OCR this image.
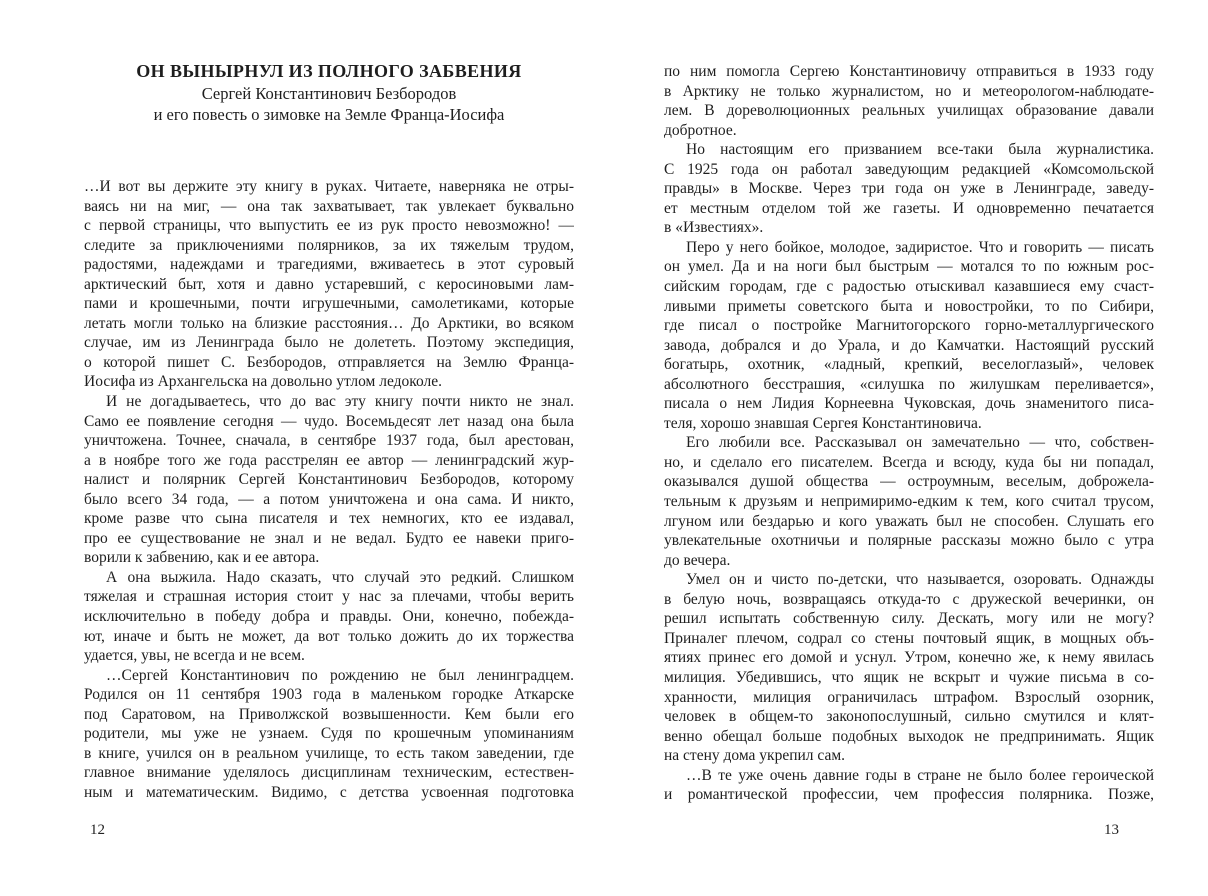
ОН ВЫНЫРНУЛ ИЗ ПОЛНОГО ЗАБВЕНИЯ
Сергей Константинович Безбородов
и его повесть о зимовке на Земле Франца-Иосифа
…И вот вы держите эту книгу в руках. Читаете, наверняка не отры-
ваясь ни на миг, — она так захватывает, так увлекает буквально
с первой страницы, что выпустить ее из рук просто невозможно! —
следите за приключениями полярников, за их тяжелым трудом,
радостями, надеждами и трагедиями, вживаетесь в этот суровый
арктический быт, хотя и давно устаревший, с керосиновыми лам-
пами и крошечными, почти игрушечными, самолетиками, которые
летать могли только на близкие расстояния… До Арктики, во всяком
случае, им из Ленинграда было не долететь. Поэтому экспедиция,
о которой пишет С. Безбородов, отправляется на Землю Франца-
Иосифа из Архангельска на довольно утлом ледоколе.
И не догадываетесь, что до вас эту книгу почти никто не знал.
Само ее появление сегодня — чудо. Восемьдесят лет назад она была
уничтожена. Точнее, сначала, в сентябре 1937 года, был арестован,
а в ноябре того же года расстрелян ее автор — ленинградский жур-
налист и полярник Сергей Константинович Безбородов, которому
было всего 34 года, — а потом уничтожена и она сама. И никто,
кроме разве что сына писателя и тех немногих, кто ее издавал,
про ее существование не знал и не ведал. Будто ее навеки приго-
ворили к забвению, как и ее автора.
А она выжила. Надо сказать, что случай это редкий. Слишком
тяжелая и страшная история стоит у нас за плечами, чтобы верить
исключительно в победу добра и правды. Они, конечно, побежда-
ют, иначе и быть не может, да вот только дожить до их торжества
удается, увы, не всегда и не всем.
…Сергей Константинович по рождению не был ленинградцем.
Родился он 11 сентября 1903 года в маленьком городке Аткарске
под Саратовом, на Приволжской возвышенности. Кем были его
родители, мы уже не узнаем. Судя по крошечным упоминаниям
в книге, учился он в реальном училище, то есть таком заведении, где
главное внимание уделялось дисциплинам техническим, естествен-
ным и математическим. Видимо, с детства усвоенная подготовка
по ним помогла Сергею Константиновичу отправиться в 1933 году
в Арктику не только журналистом, но и метеорологом-наблюдате-
лем. В дореволюционных реальных училищах образование давали
добротное.
Но настоящим его призванием все-таки была журналистика.
С 1925 года он работал заведующим редакцией «Комсомольской
правды» в Москве. Через три года он уже в Ленинграде, заведу-
ет местным отделом той же газеты. И одновременно печатается
в «Известиях».
Перо у него бойкое, молодое, задиристое. Что и говорить — писать
он умел. Да и на ноги был быстрым — мотался то по южным рос-
сийским городам, где с радостью отыскивал казавшиеся ему счаст-
ливыми приметы советского быта и новостройки, то по Сибири,
где писал о постройке Магнитогорского горно-металлургического
завода, добрался и до Урала, и до Камчатки. Настоящий русский
богатырь, охотник, «ладный, крепкий, веселоглазый», человек
абсолютного бесстрашия, «силушка по жилушкам переливается»,
писала о нем Лидия Корнеевна Чуковская, дочь знаменитого писа-
теля, хорошо знавшая Сергея Константиновича.
Его любили все. Рассказывал он замечательно — что, собствен-
но, и сделало его писателем. Всегда и всюду, куда бы ни попадал,
оказывался душой общества — остроумным, веселым, доброжела-
тельным к друзьям и непримиримо-едким к тем, кого считал трусом,
лгуном или бездарью и кого уважать был не способен. Слушать его
увлекательные охотничьи и полярные рассказы можно было с утра
до вечера.
Умел он и чисто по-детски, что называется, озоровать. Однажды
в белую ночь, возвращаясь откуда-то с дружеской вечеринки, он
решил испытать собственную силу. Дескать, могу или не могу?
Приналег плечом, содрал со стены почтовый ящик, в мощных объ-
ятиях принес его домой и уснул. Утром, конечно же, к нему явилась
милиция. Убедившись, что ящик не вскрыт и чужие письма в со-
хранности, милиция ограничилась штрафом. Взрослый озорник,
человек в общем-то законопослушный, сильно смутился и клят-
венно обещал больше подобных выходок не предпринимать. Ящик
на стену дома укрепил сам.
…В те уже очень давние годы в стране не было более героической
и романтической профессии, чем профессия полярника. Позже,
12	13
